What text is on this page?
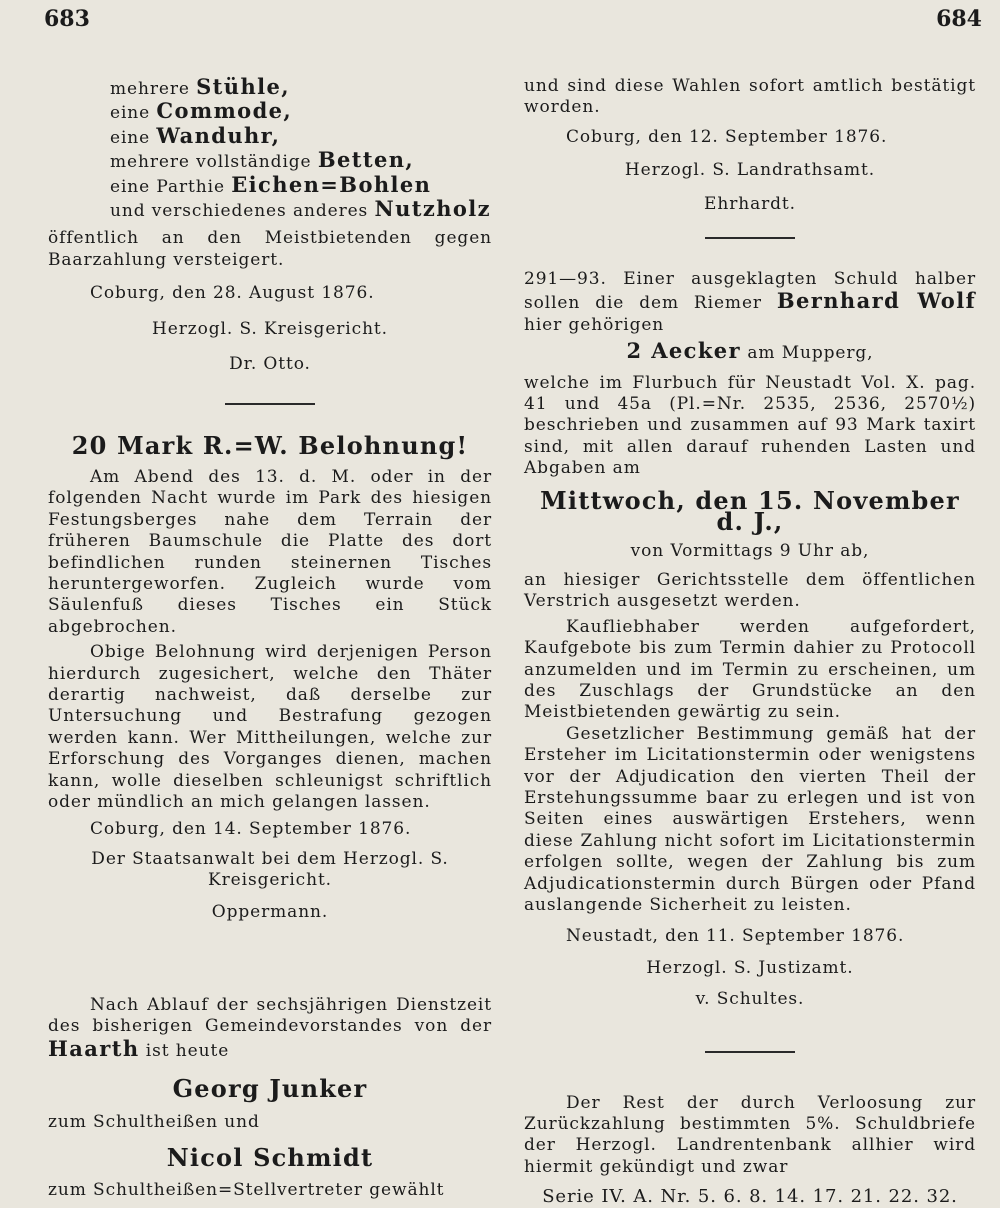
683	684
mehrere Stühle,
eine Commode,
eine Wanduhr,
mehrere vollständige Betten,
eine Parthie Eichen=Bohlen
und verschiedenes anderes Nutzholz

öffentlich an den Meistbietenden gegen Baarzahlung versteigert.

Coburg, den 28. August 1876.

Herzogl. S. Kreisgericht.

Dr. Otto.

20 Mark R.=W. Belohnung!

Am Abend des 13. d. M. oder in der folgenden Nacht wurde im Park des hiesigen Festungsberges nahe dem Terrain der früheren Baumschule die Platte des dort befindlichen runden steinernen Tisches heruntergeworfen. Zugleich wurde vom Säulenfuß dieses Tisches ein Stück abgebrochen.

Obige Belohnung wird derjenigen Person hierdurch zugesichert, welche den Thäter derartig nachweist, daß derselbe zur Untersuchung und Bestrafung gezogen werden kann. Wer Mittheilungen, welche zur Erforschung des Vorganges dienen, machen kann, wolle dieselben schleunigst schriftlich oder mündlich an mich gelangen lassen.

Coburg, den 14. September 1876.

Der Staatsanwalt bei dem Herzogl. S. Kreisgericht.

Oppermann.

Nach Ablauf der sechsjährigen Dienstzeit des bisherigen Gemeindevorstandes von der Haarth ist heute

Georg Junker

zum Schultheißen und

Nicol Schmidt

zum Schultheißen=Stellvertreter gewählt

und sind diese Wahlen sofort amtlich bestätigt worden.

Coburg, den 12. September 1876.

Herzogl. S. Landrathsamt.

Ehrhardt.

291—93. Einer ausgeklagten Schuld halber sollen die dem Riemer Bernhard Wolf hier gehörigen

2 Aecker am Mupperg,

welche im Flurbuch für Neustadt Vol. X. pag. 41 und 45a (Pl.=Nr. 2535, 2536, 2570½) beschrieben und zusammen auf 93 Mark taxirt sind, mit allen darauf ruhenden Lasten und Abgaben am

Mittwoch, den 15. November d. J.,

von Vormittags 9 Uhr ab,

an hiesiger Gerichtsstelle dem öffentlichen Verstrich ausgesetzt werden.

Kaufliebhaber werden aufgefordert, Kaufgebote bis zum Termin dahier zu Protocoll anzumelden und im Termin zu erscheinen, um des Zuschlags der Grundstücke an den Meistbietenden gewärtig zu sein.

Gesetzlicher Bestimmung gemäß hat der Ersteher im Licitationstermin oder wenigstens vor der Adjudication den vierten Theil der Erstehungssumme baar zu erlegen und ist von Seiten eines auswärtigen Erstehers, wenn diese Zahlung nicht sofort im Licitationstermin erfolgen sollte, wegen der Zahlung bis zum Adjudicationstermin durch Bürgen oder Pfand auslangende Sicherheit zu leisten.

Neustadt, den 11. September 1876.

Herzogl. S. Justizamt.

v. Schultes.

Der Rest der durch Verloosung zur Zurückzahlung bestimmten 5%. Schuldbriefe der Herzogl. Landrentenbank allhier wird hiermit gekündigt und zwar

Serie IV. A. Nr. 5. 6. 8. 14. 17. 21. 22. 32.
